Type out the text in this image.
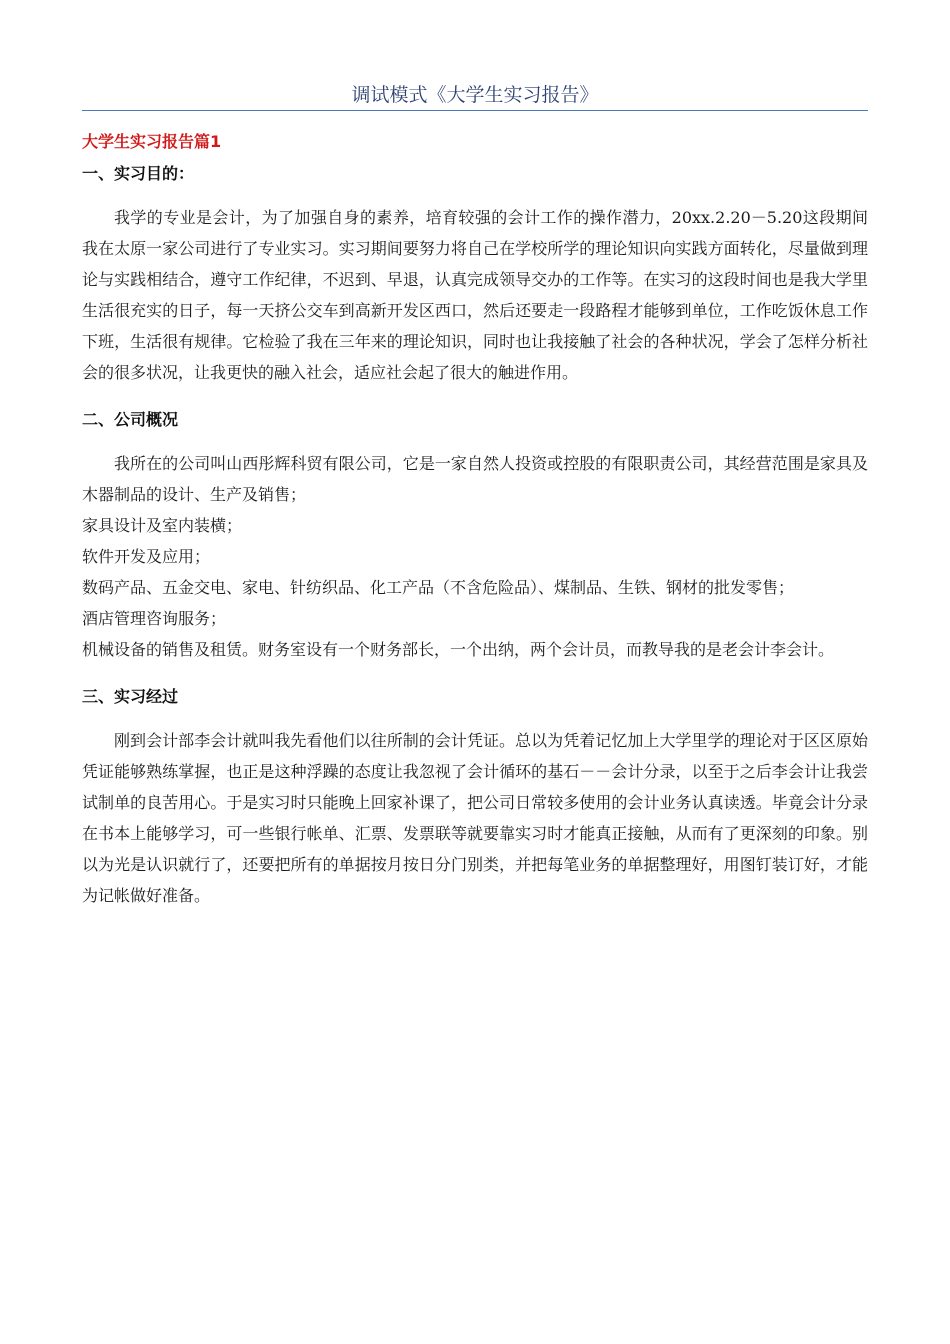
调试模式《大学生实习报告》
大学生实习报告篇1
一、实习目的：

我学的专业是会计，为了加强自身的素养，培育较强的会计工作的操作潜力，20xx.2.20－5.20这段期间我在太原一家公司进行了专业实习。实习期间要努力将自己在学校所学的理论知识向实践方面转化，尽量做到理论与实践相结合，遵守工作纪律，不迟到、早退，认真完成领导交办的工作等。在实习的这段时间也是我大学里生活很充实的日子，每一天挤公交车到高新开发区西口，然后还要走一段路程才能够到单位，工作吃饭休息工作下班，生活很有规律。它检验了我在三年来的理论知识，同时也让我接触了社会的各种状况，学会了怎样分析社会的很多状况，让我更快的融入社会，适应社会起了很大的触进作用。

二、公司概况

我所在的公司叫山西彤辉科贸有限公司，它是一家自然人投资或控股的有限职责公司，其经营范围是家具及木器制品的设计、生产及销售；

家具设计及室内装横；

软件开发及应用；

数码产品、五金交电、家电、针纺织品、化工产品（不含危险品）、煤制品、生铁、钢材的批发零售；

酒店管理咨询服务；

机械设备的销售及租赁。财务室设有一个财务部长，一个出纳，两个会计员，而教导我的是老会计李会计。

三、实习经过

刚到会计部李会计就叫我先看他们以往所制的会计凭证。总以为凭着记忆加上大学里学的理论对于区区原始凭证能够熟练掌握，也正是这种浮躁的态度让我忽视了会计循环的基石－－会计分录，以至于之后李会计让我尝试制单的良苦用心。于是实习时只能晚上回家补课了，把公司日常较多使用的会计业务认真读透。毕竟会计分录在书本上能够学习，可一些银行帐单、汇票、发票联等就要靠实习时才能真正接触，从而有了更深刻的印象。别以为光是认识就行了，还要把所有的单据按月按日分门别类，并把每笔业务的单据整理好，用图钉装订好，才能为记帐做好准备。
